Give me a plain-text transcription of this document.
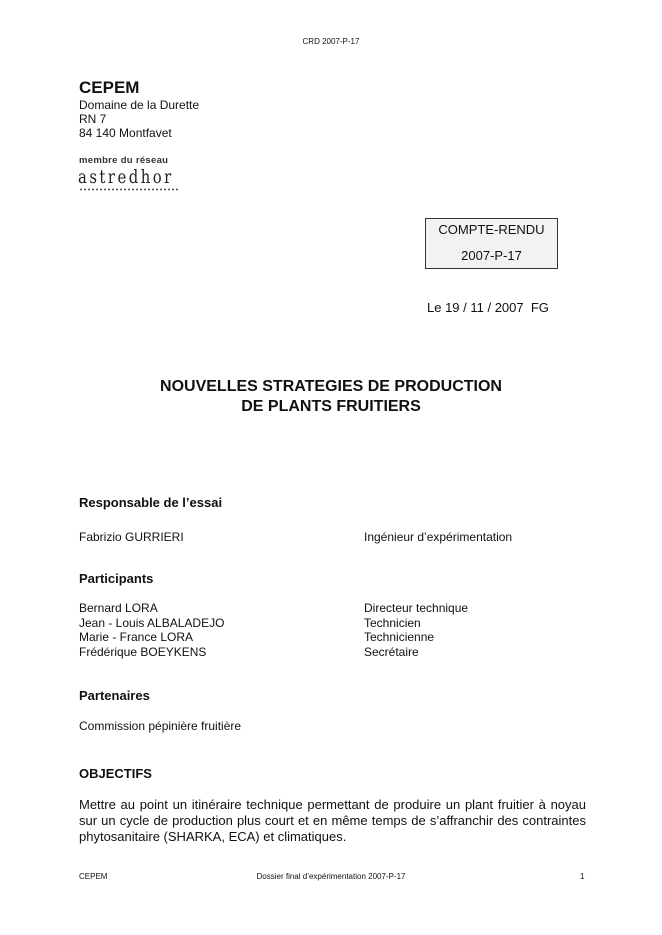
CRD 2007-P-17
CEPEM
Domaine de la Durette
RN 7
84 140 Montfavet
membre du réseau
astredhor
COMPTE-RENDU
2007-P-17
Le 19 / 11 / 2007  FG
NOUVELLES STRATEGIES DE PRODUCTION
DE PLANTS FRUITIERS
Responsable de l’essai
Fabrizio GURRIERI	Ingénieur d’expérimentation
Participants
Bernard LORA	Directeur technique
Jean - Louis ALBALADEJO	Technicien
Marie - France LORA	Technicienne
Frédérique BOEYKENS	Secrétaire
Partenaires
Commission pépinière fruitière
OBJECTIFS
Mettre au point un itinéraire technique permettant de produire un plant fruitier à noyau sur un cycle de production plus court et en même temps de s’affranchir des contraintes phytosanitaire (SHARKA, ECA) et climatiques.
CEPEM	Dossier final d’expérimentation 2007-P-17	1
